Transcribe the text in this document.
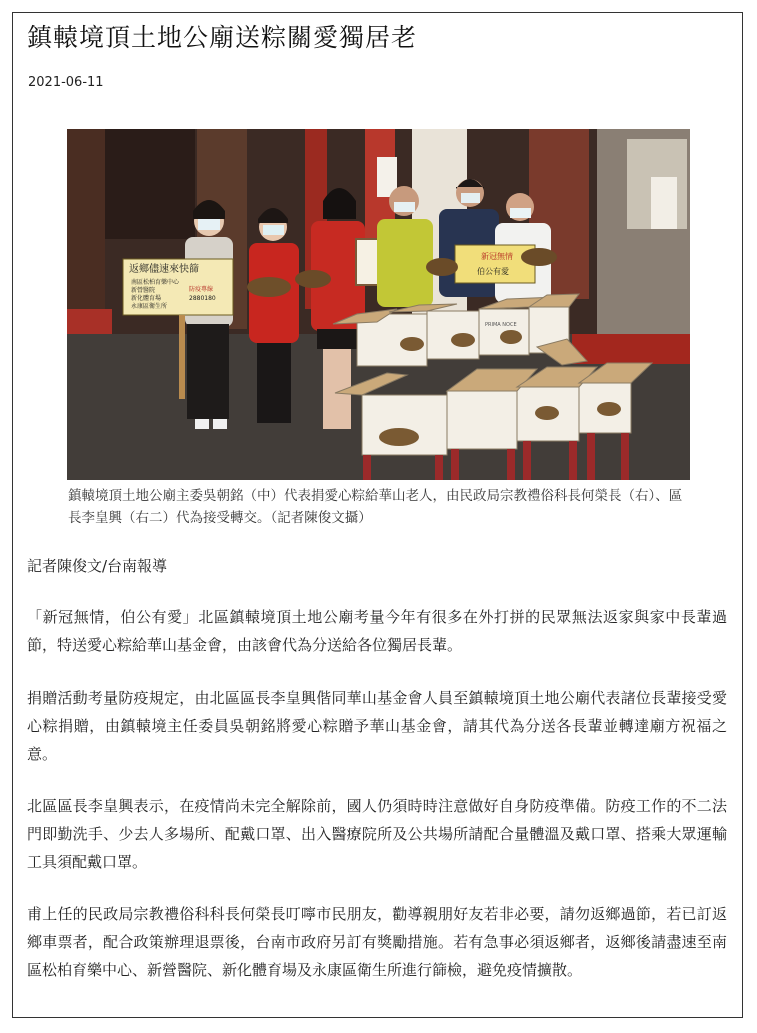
鎮轅境頂土地公廟送粽關愛獨居老
2021-06-11
返鄉儘速來快篩
南區松柏育樂中心
新營醫院
新化體育場
永康區衛生所
防疫專線
2880180
新冠無情
伯公有愛
PRIMA NOCE
鎮轅境頂土地公廟主委吳朝銘（中）代表捐愛心粽給華山老人，由民政局宗教禮俗科長何榮長（右）、區長李皇興（右二）代為接受轉交。（記者陳俊文攝）
記者陳俊文/台南報導

「新冠無情，伯公有愛」北區鎮轅境頂土地公廟考量今年有很多在外打拼的民眾無法返家與家中長輩過節，特送愛心粽給華山基金會，由該會代為分送給各位獨居長輩。

捐贈活動考量防疫規定，由北區區長李皇興偕同華山基金會人員至鎮轅境頂土地公廟代表諸位長輩接受愛心粽捐贈，由鎮轅境主任委員吳朝銘將愛心粽贈予華山基金會，請其代為分送各長輩並轉達廟方祝福之意。

北區區長李皇興表示，在疫情尚未完全解除前，國人仍須時時注意做好自身防疫準備。防疫工作的不二法門即勤洗手、少去人多場所、配戴口罩、出入醫療院所及公共場所請配合量體溫及戴口罩、搭乘大眾運輸工具須配戴口罩。

甫上任的民政局宗教禮俗科科長何榮長叮嚀市民朋友，勸導親朋好友若非必要，請勿返鄉過節，若已訂返鄉車票者，配合政策辦理退票後，台南市政府另訂有獎勵措施。若有急事必須返鄉者，返鄉後請盡速至南區松柏育樂中心、新營醫院、新化體育場及永康區衛生所進行篩檢，避免疫情擴散。
